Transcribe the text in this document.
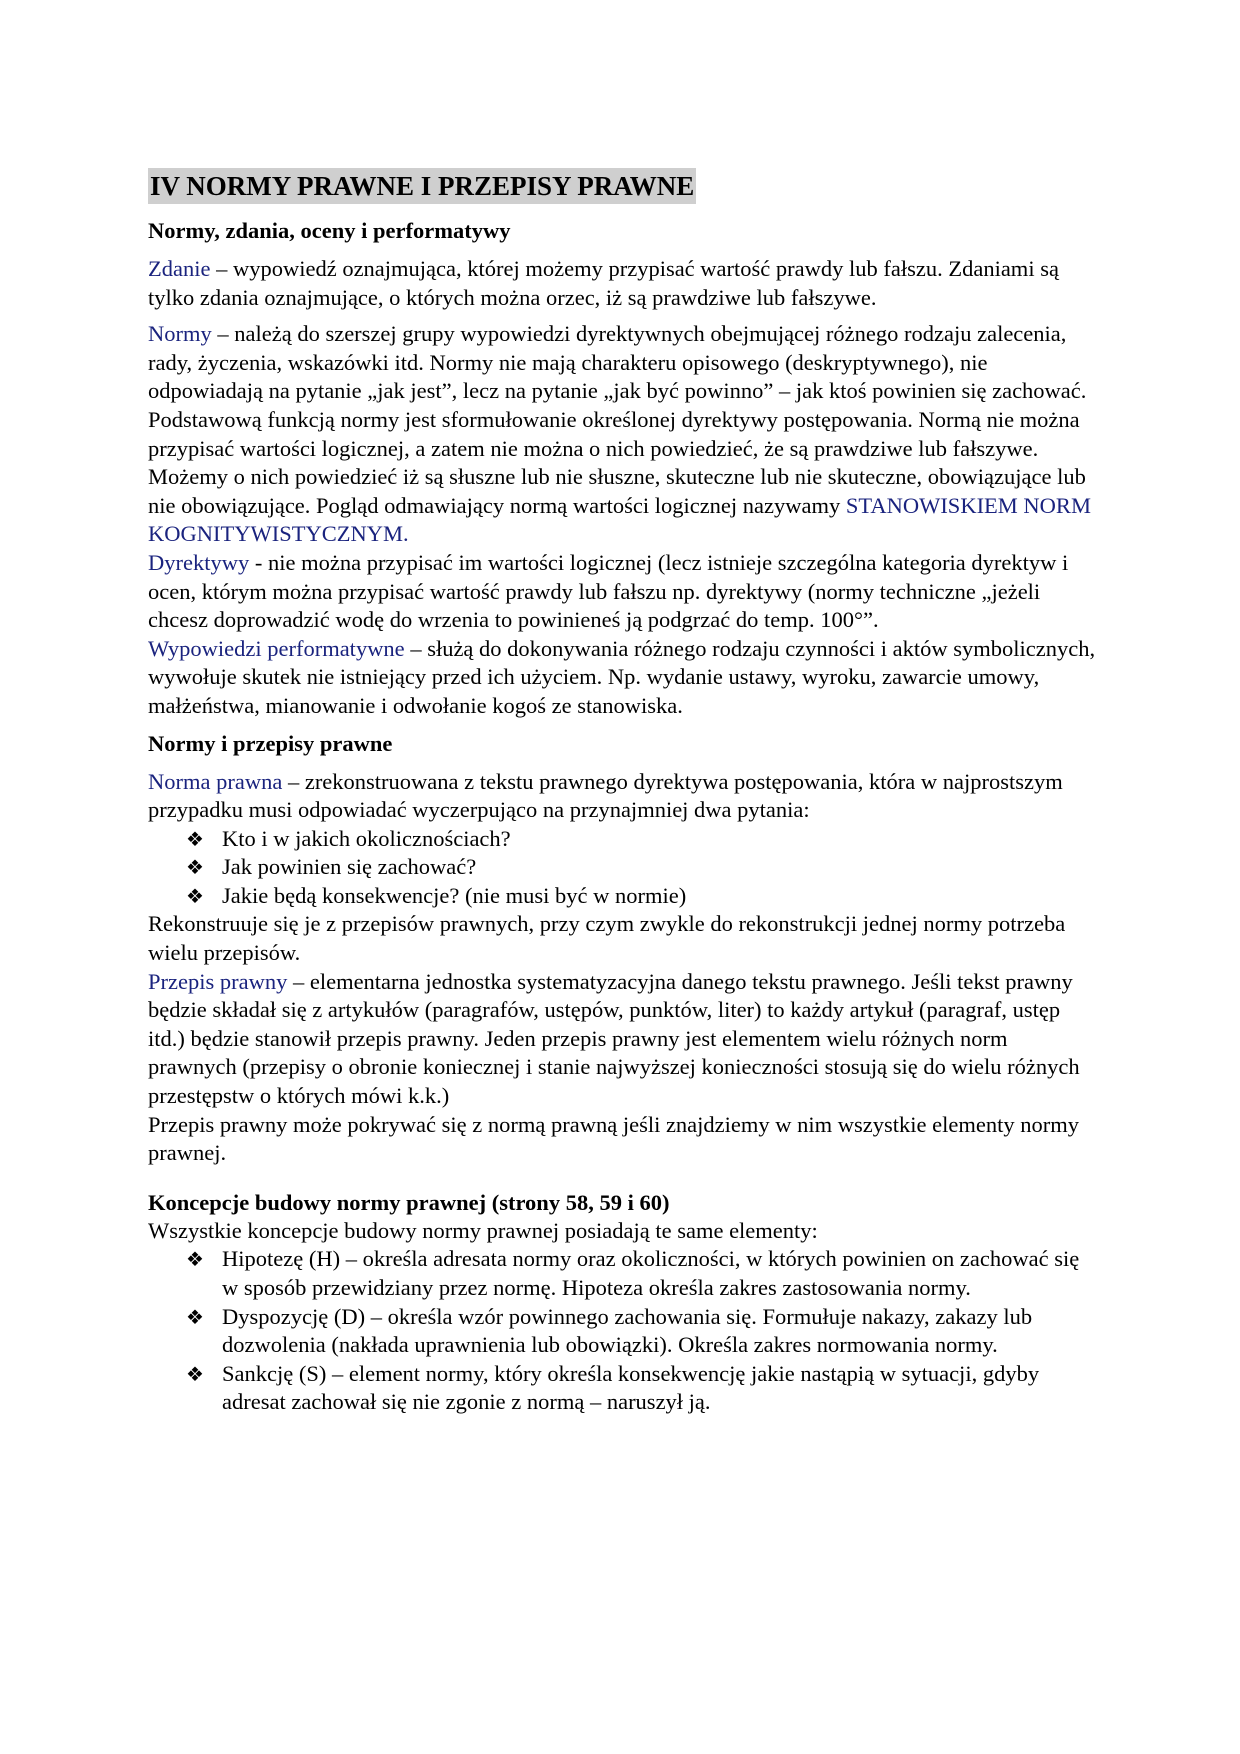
IV NORMY PRAWNE I PRZEPISY PRAWNE
Normy, zdania, oceny i performatywy

Zdanie – wypowiedź oznajmująca, której możemy przypisać wartość prawdy lub fałszu. Zdaniami są tylko zdania oznajmujące, o których można orzec, iż są prawdziwe lub fałszywe.

Normy – należą do szerszej grupy wypowiedzi dyrektywnych obejmującej różnego rodzaju zalecenia, rady, życzenia, wskazówki itd. Normy nie mają charakteru opisowego (deskryptywnego), nie odpowiadają na pytanie „jak jest”, lecz na pytanie „jak być powinno” – jak ktoś powinien się zachować. Podstawową funkcją normy jest sformułowanie określonej dyrektywy postępowania. Normą nie można przypisać wartości logicznej, a zatem nie można o nich powiedzieć, że są prawdziwe lub fałszywe. Możemy o nich powiedzieć iż są słuszne lub nie słuszne, skuteczne lub nie skuteczne, obowiązujące lub nie obowiązujące. Pogląd odmawiający normą wartości logicznej nazywamy STANOWISKIEM NORM KOGNITYWISTYCZNYM.

Dyrektywy - nie można przypisać im wartości logicznej (lecz istnieje szczególna kategoria dyrektyw i ocen, którym można przypisać wartość prawdy lub fałszu np. dyrektywy (normy techniczne „jeżeli chcesz doprowadzić wodę do wrzenia to powinieneś ją podgrzać do temp. 100°”.

Wypowiedzi performatywne – służą do dokonywania różnego rodzaju czynności i aktów symbolicznych, wywołuje skutek nie istniejący przed ich użyciem. Np. wydanie ustawy, wyroku, zawarcie umowy, małżeństwa, mianowanie i odwołanie kogoś ze stanowiska.

Normy i przepisy prawne

Norma prawna – zrekonstruowana z tekstu prawnego dyrektywa postępowania, która w najprostszym przypadku musi odpowiadać wyczerpująco na przynajmniej dwa pytania:

❖ Kto i w jakich okolicznościach?
❖ Jak powinien się zachować?
❖ Jakie będą konsekwencje? (nie musi być w normie)

Rekonstruuje się je z przepisów prawnych, przy czym zwykle do rekonstrukcji jednej normy potrzeba wielu przepisów.

Przepis prawny – elementarna jednostka systematyzacyjna danego tekstu prawnego. Jeśli tekst prawny będzie składał się z artykułów (paragrafów, ustępów, punktów, liter) to każdy artykuł (paragraf, ustęp itd.) będzie stanowił przepis prawny. Jeden przepis prawny jest elementem wielu różnych norm prawnych (przepisy o obronie koniecznej i stanie najwyższej konieczności stosują się do wielu różnych przestępstw o których mówi k.k.)

Przepis prawny może pokrywać się z normą prawną jeśli znajdziemy w nim wszystkie elementy normy prawnej.

Koncepcje budowy normy prawnej (strony 58, 59 i 60)

Wszystkie koncepcje budowy normy prawnej posiadają te same elementy:

❖ Hipotezę (H) – określa adresata normy oraz okoliczności, w których powinien on zachować się w sposób przewidziany przez normę. Hipoteza określa zakres zastosowania normy.
❖ Dyspozycję (D) – określa wzór powinnego zachowania się. Formułuje nakazy, zakazy lub dozwolenia (nakłada uprawnienia lub obowiązki). Określa zakres normowania normy.
❖ Sankcję (S) – element normy, który określa konsekwencję jakie nastąpią w sytuacji, gdyby adresat zachował się nie zgonie z normą – naruszył ją.
